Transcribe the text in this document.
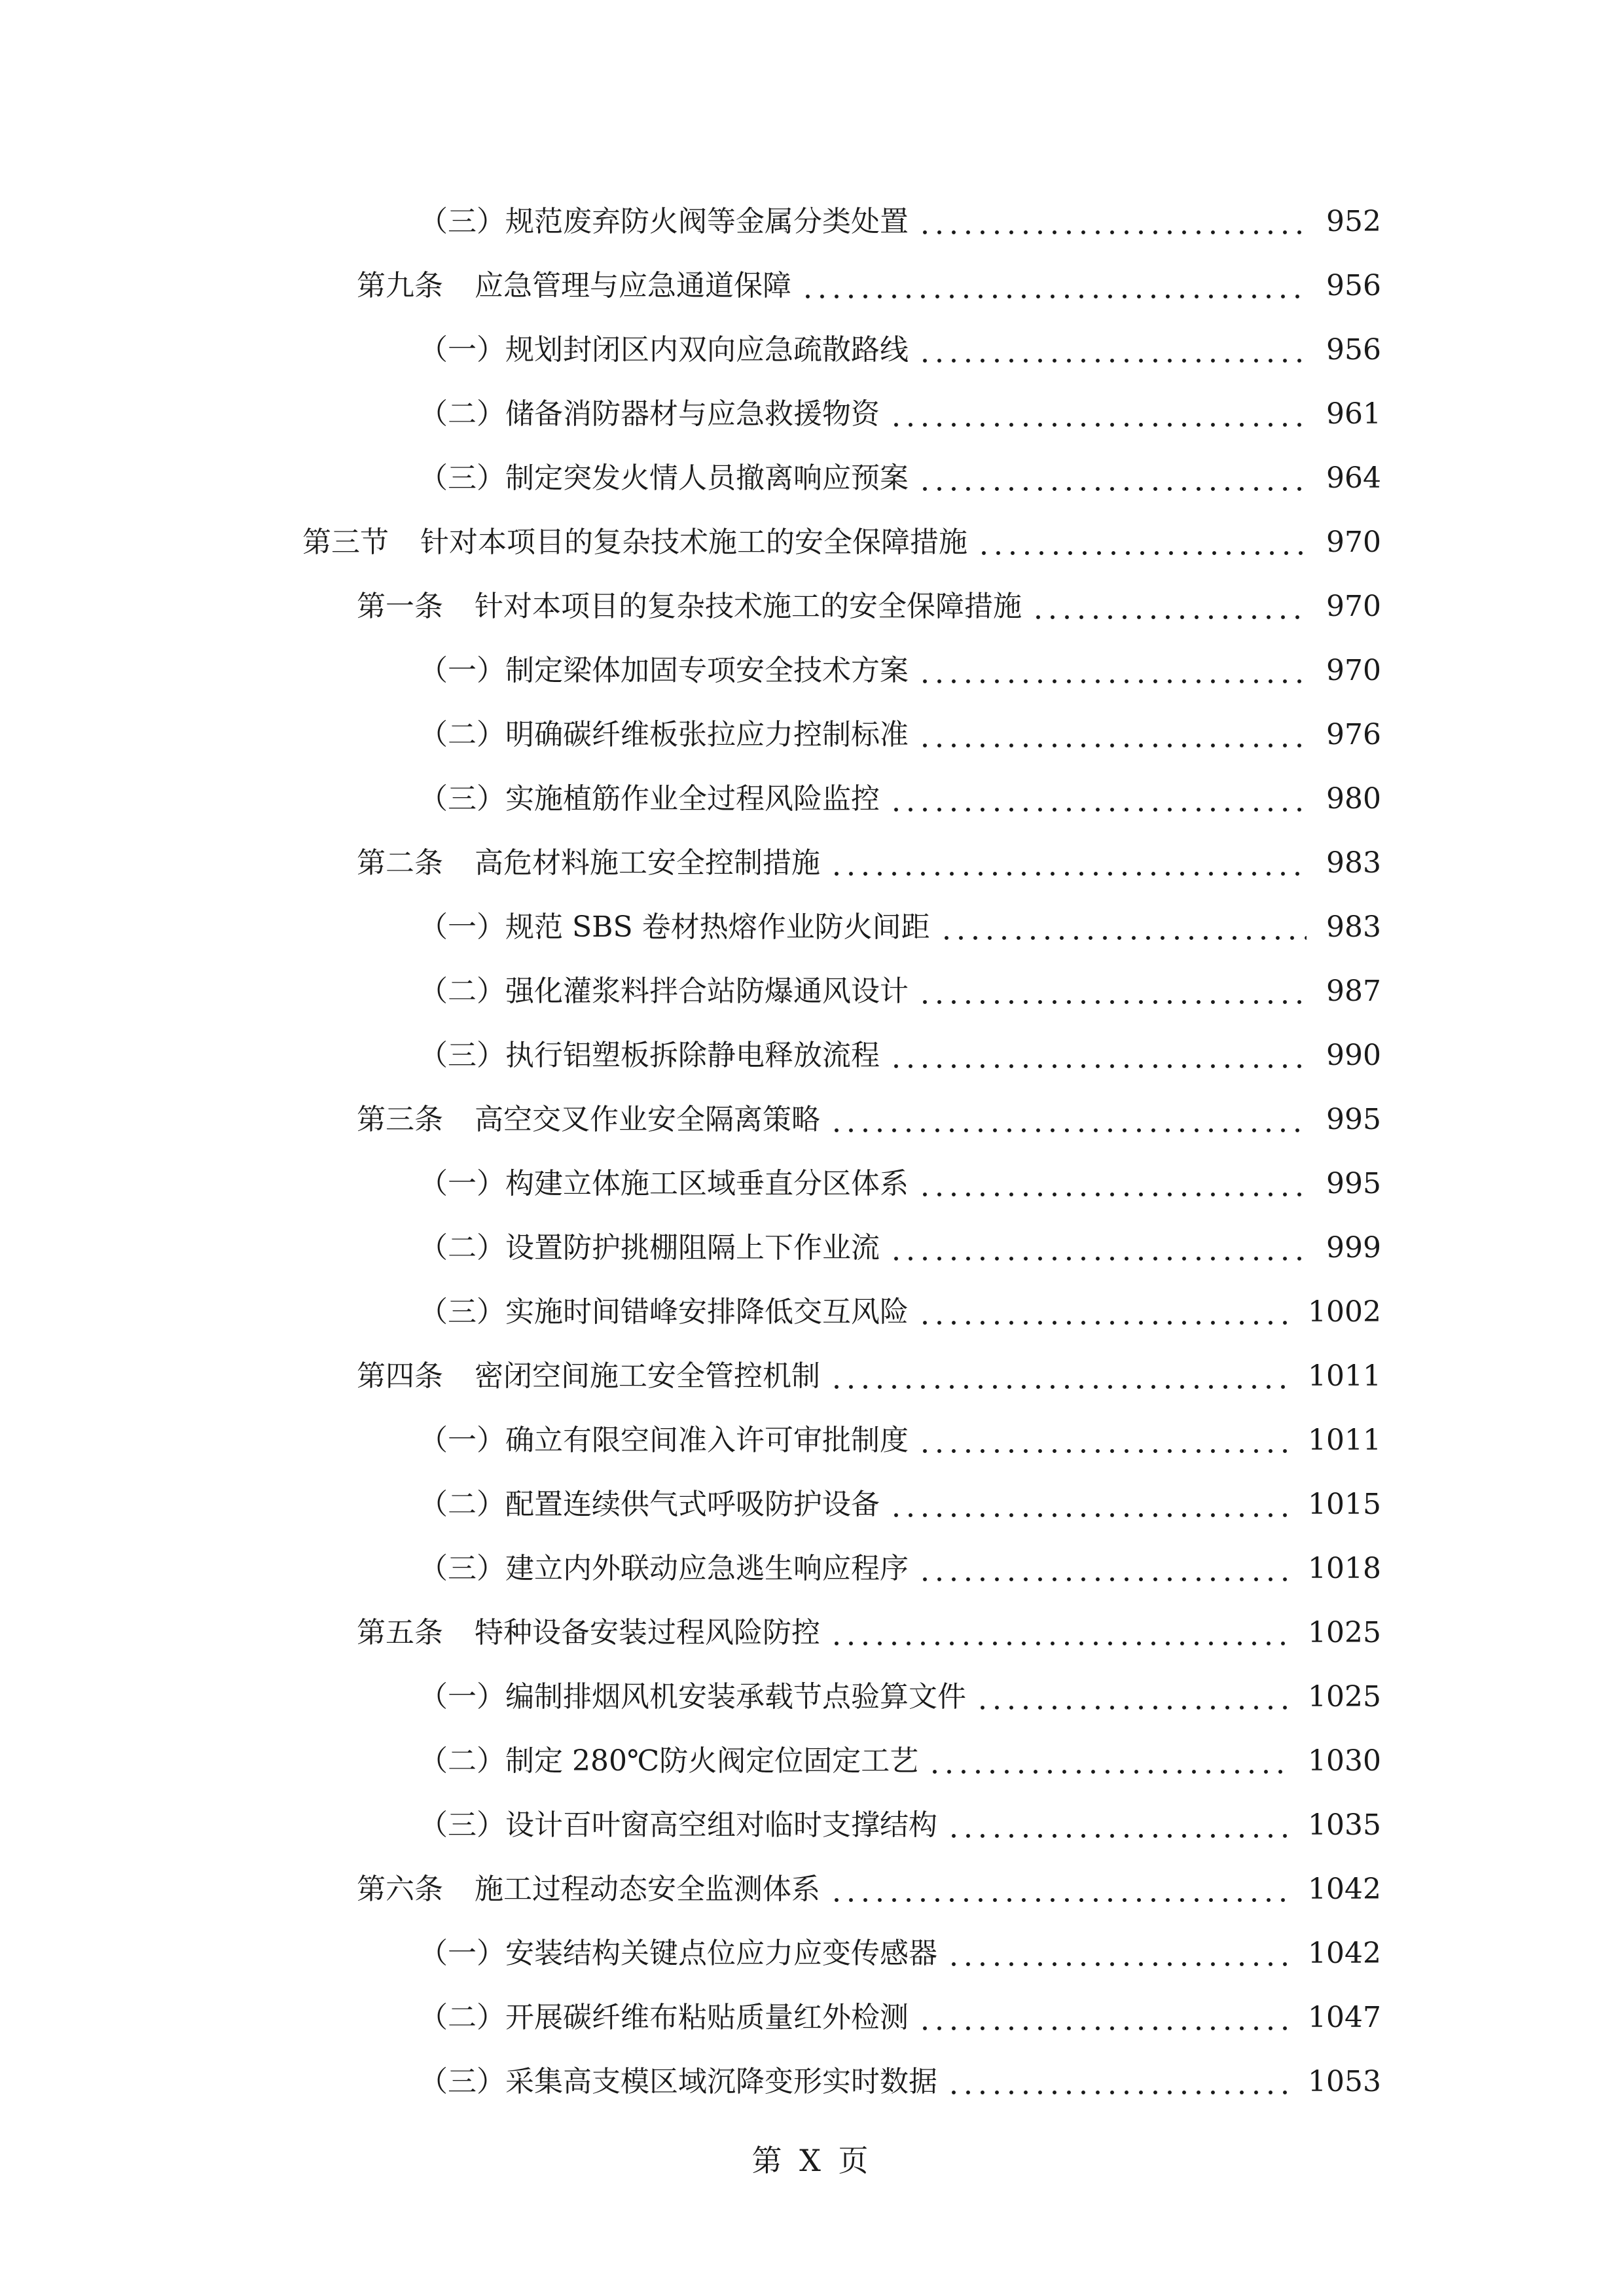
（三）规范废弃防火阀等金属分类处置	952
第九条 应急管理与应急通道保障	956
（一）规划封闭区内双向应急疏散路线	956
（二）储备消防器材与应急救援物资	961
（三）制定突发火情人员撤离响应预案	964
第三节 针对本项目的复杂技术施工的安全保障措施	970
第一条 针对本项目的复杂技术施工的安全保障措施	970
（一）制定梁体加固专项安全技术方案	970
（二）明确碳纤维板张拉应力控制标准	976
（三）实施植筋作业全过程风险监控	980
第二条 高危材料施工安全控制措施	983
（一）规范 SBS 卷材热熔作业防火间距	983
（二）强化灌浆料拌合站防爆通风设计	987
（三）执行铝塑板拆除静电释放流程	990
第三条 高空交叉作业安全隔离策略	995
（一）构建立体施工区域垂直分区体系	995
（二）设置防护挑棚阻隔上下作业流	999
（三）实施时间错峰安排降低交互风险	1002
第四条 密闭空间施工安全管控机制	1011
（一）确立有限空间准入许可审批制度	1011
（二）配置连续供气式呼吸防护设备	1015
（三）建立内外联动应急逃生响应程序	1018
第五条 特种设备安装过程风险防控	1025
（一）编制排烟风机安装承载节点验算文件	1025
（二）制定 280℃防火阀定位固定工艺	1030
（三）设计百叶窗高空组对临时支撑结构	1035
第六条 施工过程动态安全监测体系	1042
（一）安装结构关键点位应力应变传感器	1042
（二）开展碳纤维布粘贴质量红外检测	1047
（三）采集高支模区域沉降变形实时数据	1053
第 X 页
